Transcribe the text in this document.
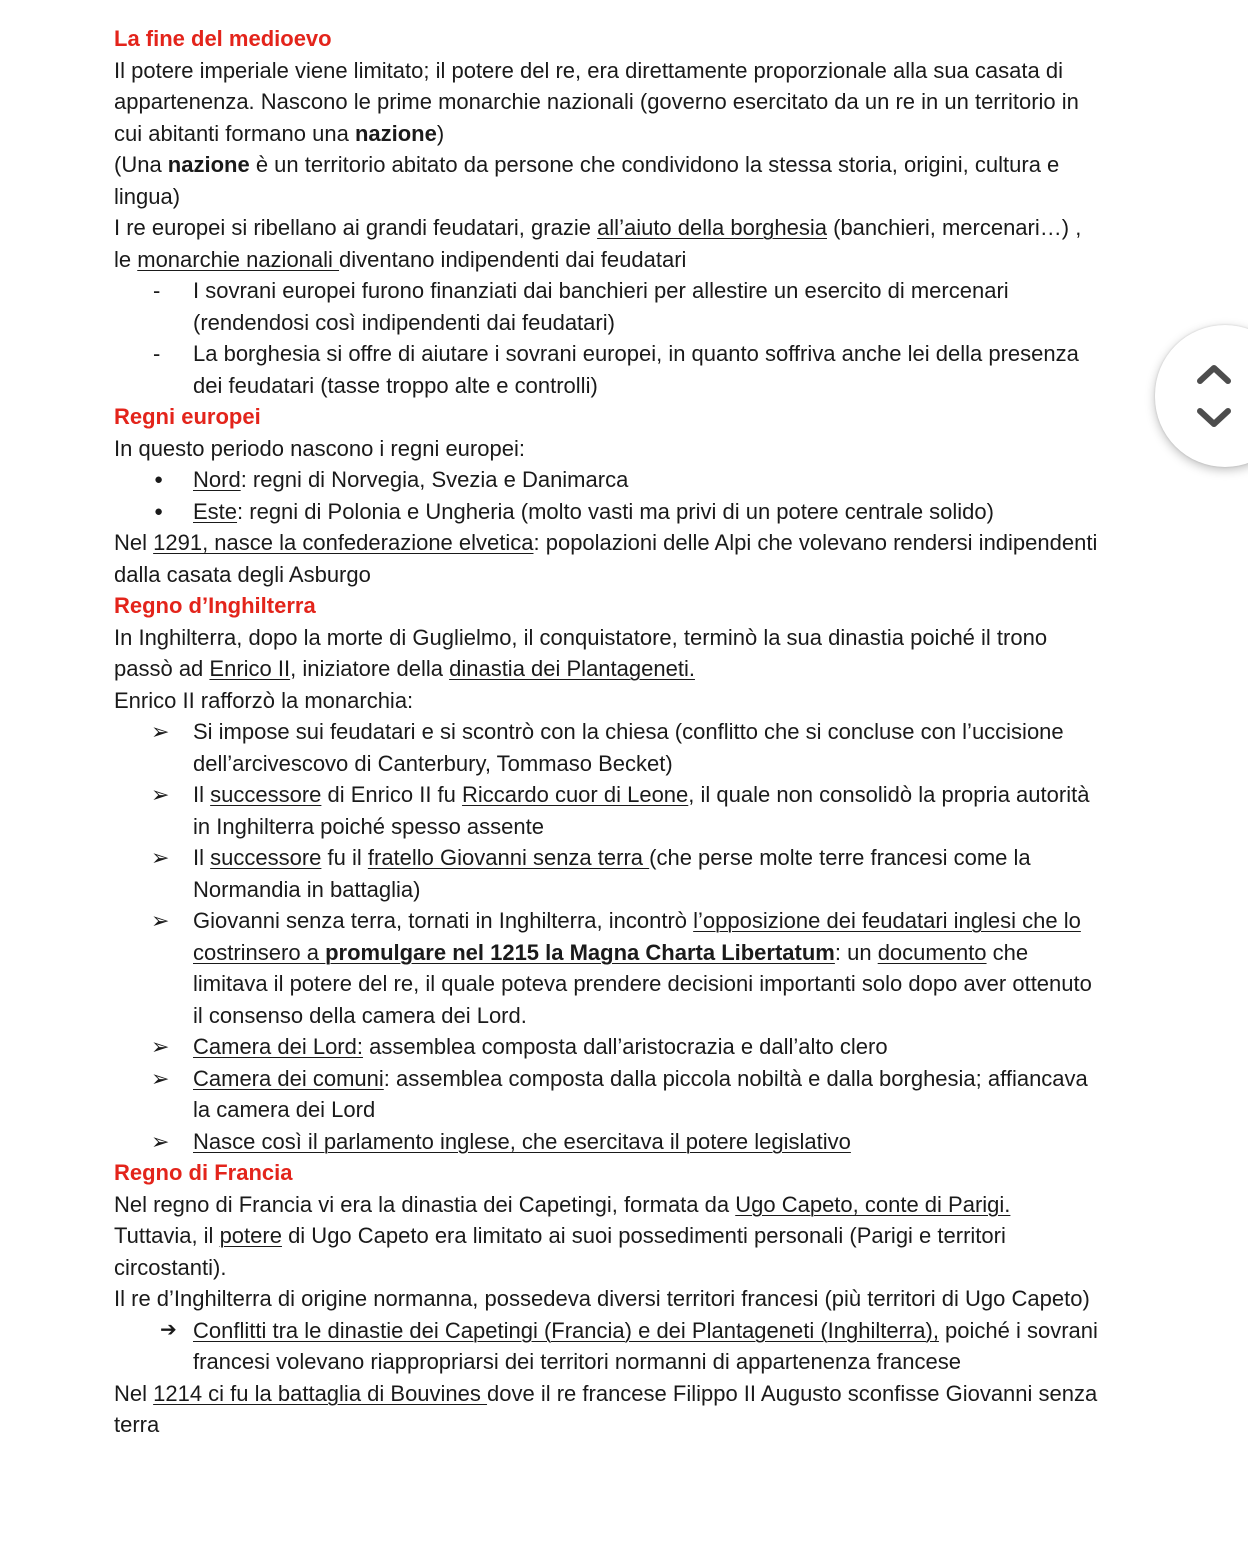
La fine del medioevo
Il potere imperiale viene limitato; il potere del re, era direttamente proporzionale alla sua casata di appartenenza. Nascono le prime monarchie nazionali (governo esercitato da un re in un territorio in cui abitanti formano una nazione)
(Una nazione è un territorio abitato da persone che condividono la stessa storia, origini, cultura e lingua)
I re europei si ribellano ai grandi feudatari, grazie all’aiuto della borghesia (banchieri, mercenari…) , le monarchie nazionali diventano indipendenti dai feudatari
-	I sovrani europei furono finanziati dai banchieri per allestire un esercito di mercenari (rendendosi così indipendenti dai feudatari)
-	La borghesia si offre di aiutare i sovrani europei, in quanto soffriva anche lei della presenza dei feudatari (tasse troppo alte e controlli)
Regni europei
In questo periodo nascono i regni europei:
●	Nord: regni di Norvegia, Svezia e Danimarca
●	Este: regni di Polonia e Ungheria (molto vasti ma privi di un potere centrale solido)
Nel 1291, nasce la confederazione elvetica: popolazioni delle Alpi che volevano rendersi indipendenti dalla casata degli Asburgo
Regno d’Inghilterra
In Inghilterra, dopo la morte di Guglielmo, il conquistatore, terminò la sua dinastia poiché il trono passò ad Enrico II, iniziatore della dinastia dei Plantageneti.
Enrico II rafforzò la monarchia:
➢	Si impose sui feudatari e si scontrò con la chiesa (conflitto che si concluse con l’uccisione dell’arcivescovo di Canterbury, Tommaso Becket)
➢	Il successore di Enrico II fu Riccardo cuor di Leone, il quale non consolidò la propria autorità in Inghilterra poiché spesso assente
➢	Il successore fu il fratello Giovanni senza terra (che perse molte terre francesi come la Normandia in battaglia)
➢	Giovanni senza terra, tornati in Inghilterra, incontrò l’opposizione dei feudatari inglesi che lo costrinsero a promulgare nel 1215 la Magna Charta Libertatum: un documento che limitava il potere del re, il quale poteva prendere decisioni importanti solo dopo aver ottenuto il consenso della camera dei Lord.
➢	Camera dei Lord: assemblea composta dall’aristocrazia e dall’alto clero
➢	Camera dei comuni: assemblea composta dalla piccola nobiltà e dalla borghesia; affiancava la camera dei Lord
➢	Nasce così il parlamento inglese, che esercitava il potere legislativo
Regno di Francia
Nel regno di Francia vi era la dinastia dei Capetingi, formata da Ugo Capeto, conte di Parigi.
Tuttavia, il potere di Ugo Capeto era limitato ai suoi possedimenti personali (Parigi e territori circostanti).
Il re d’Inghilterra di origine normanna, possedeva diversi territori francesi (più territori di Ugo Capeto)
➔ Conflitti tra le dinastie dei Capetingi (Francia) e dei Plantageneti (Inghilterra), poiché i sovrani francesi volevano riappropriarsi dei territori normanni di appartenenza francese
Nel 1214 ci fu la battaglia di Bouvines dove il re francese Filippo II Augusto sconfisse Giovanni senza terra
